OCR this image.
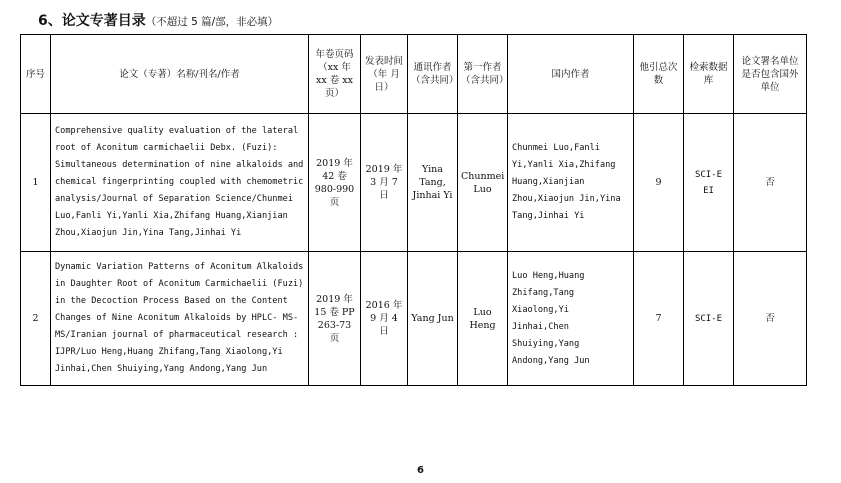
6、论文专著目录（不超过 5 篇/部，非必填）
序号	论文（专著）名称/刊名/作者	年卷页码（xx 年 xx 卷 xx 页）	发表时间（年 月 日）	通讯作者（含共同）	第一作者（含共同）	国内作者	他引总次数	检索数据库	论文署名单位是否包含国外单位
1	Comprehensive quality evaluation of the lateral root of Aconitum carmichaelii Debx. (Fuzi): Simultaneous determination of nine alkaloids and chemical fingerprinting coupled with chemometric analysis/Journal of Separation Science/Chunmei Luo,Fanli Yi,Yanli Xia,Zhifang Huang,Xianjian Zhou,Xiaojun Jin,Yina Tang,Jinhai Yi	2019 年 42 卷 980-990 页	2019 年 3 月 7 日	Yina Tang, Jinhai Yi	Chunmei Luo	Chunmei Luo,Fanli Yi,Yanli Xia,Zhifang Huang,Xianjian Zhou,Xiaojun Jin,Yina Tang,Jinhai Yi	9	SCI-E EI	否
2	Dynamic Variation Patterns of Aconitum Alkaloids in Daughter Root of Aconitum Carmichaelii (Fuzi) in the Decoction Process Based on the Content Changes of Nine Aconitum Alkaloids by HPLC- MS-MS/Iranian journal of pharmaceutical research : IJPR/Luo Heng,Huang Zhifang,Tang Xiaolong,Yi Jinhai,Chen Shuiying,Yang Andong,Yang Jun	2019 年 15 卷 PP 263-73 页	2016 年 9 月 4 日	Yang Jun	Luo Heng	Luo Heng,Huang Zhifang,Tang Xiaolong,Yi Jinhai,Chen Shuiying,Yang Andong,Yang Jun	7	SCI-E	否
6
